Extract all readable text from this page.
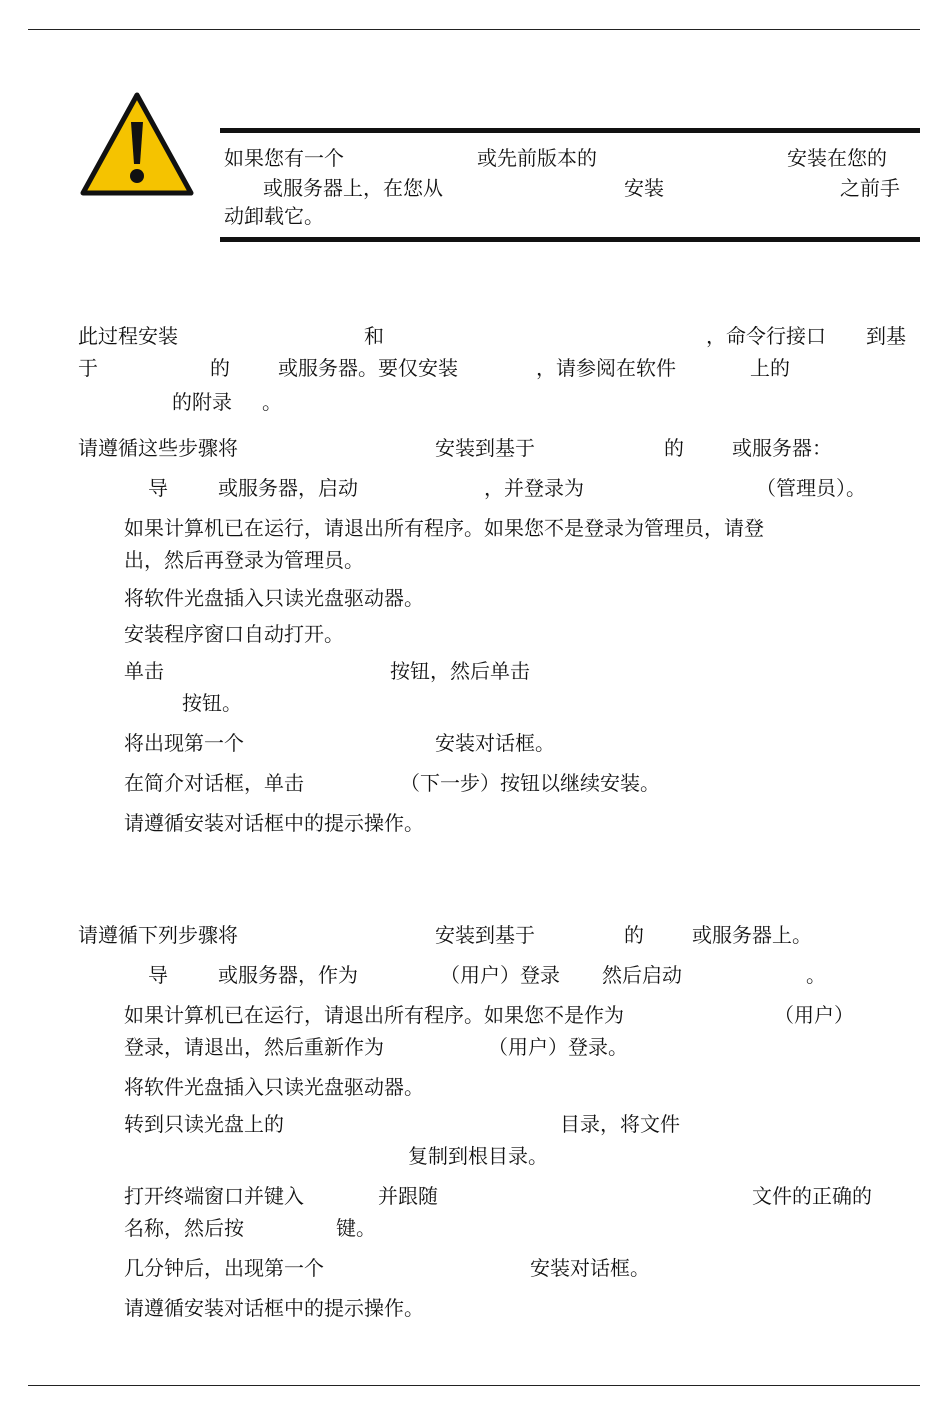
如果您有一个	或先前版本的	安装在您的
或服务器上，在您从	安装	之前手
动卸载它。
此过程安装	和	，命令行接口 到基
于	的 或服务器。要仅安装	，请参阅在软件	上的
的附录 。
请遵循这些步骤将	安装到基于	的 或服务器：
导	或服务器，启动	，并登录为	（管理员）。
如果计算机已在运行，请退出所有程序。如果您不是登录为管理员，请登
出，然后再登录为管理员。
将软件光盘插入只读光盘驱动器。
安装程序窗口自动打开。
单击	按钮，然后单击
按钮。
将出现第一个	安装对话框。
在简介对话框，单击	（下一步）按钮以继续安装。
请遵循安装对话框中的提示操作。
请遵循下列步骤将	安装到基于	的 或服务器上。
导	或服务器，作为	（用户）登录 然后启动	。
如果计算机已在运行，请退出所有程序。如果您不是作为	（用户）
登录，请退出，然后重新作为	（用户）登录。
将软件光盘插入只读光盘驱动器。
转到只读光盘上的	目录，将文件
复制到根目录。
打开终端窗口并键入	并跟随	文件的正确的
名称，然后按	键。
几分钟后，出现第一个	安装对话框。
请遵循安装对话框中的提示操作。
